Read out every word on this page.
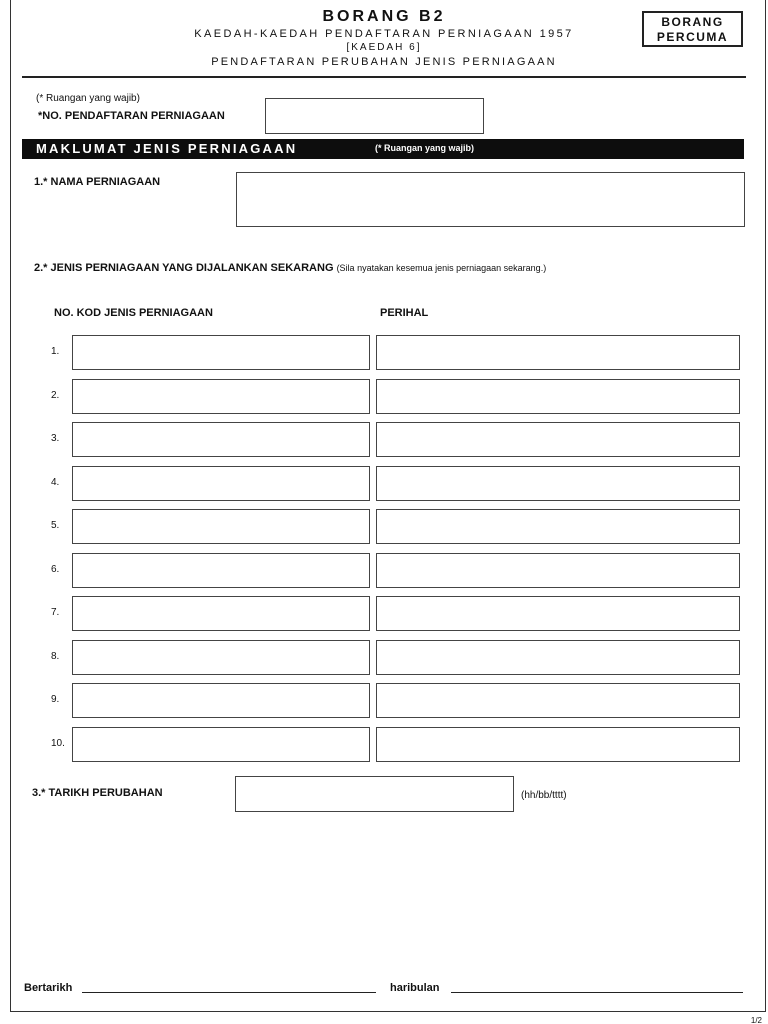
BORANG B2
KAEDAH-KAEDAH PENDAFTARAN PERNIAGAAN 1957
[KAEDAH 6]
PENDAFTARAN PERUBAHAN JENIS PERNIAGAAN
BORANG
PERCUMA
(* Ruangan yang wajib)
*NO. PENDAFTARAN PERNIAGAAN
MAKLUMAT JENIS PERNIAGAAN	(* Ruangan yang wajib)
1.* NAMA PERNIAGAAN
2.* JENIS PERNIAGAAN YANG DIJALANKAN SEKARANG (Sila nyatakan kesemua jenis perniagaan sekarang.)
NO. KOD JENIS PERNIAGAAN	PERIHAL
1.
2.
3.
4.
5.
6.
7.
8.
9.
10.
3.* TARIKH PERUBAHAN	(hh/bb/tttt)
Bertarikh	haribulan
1/2
